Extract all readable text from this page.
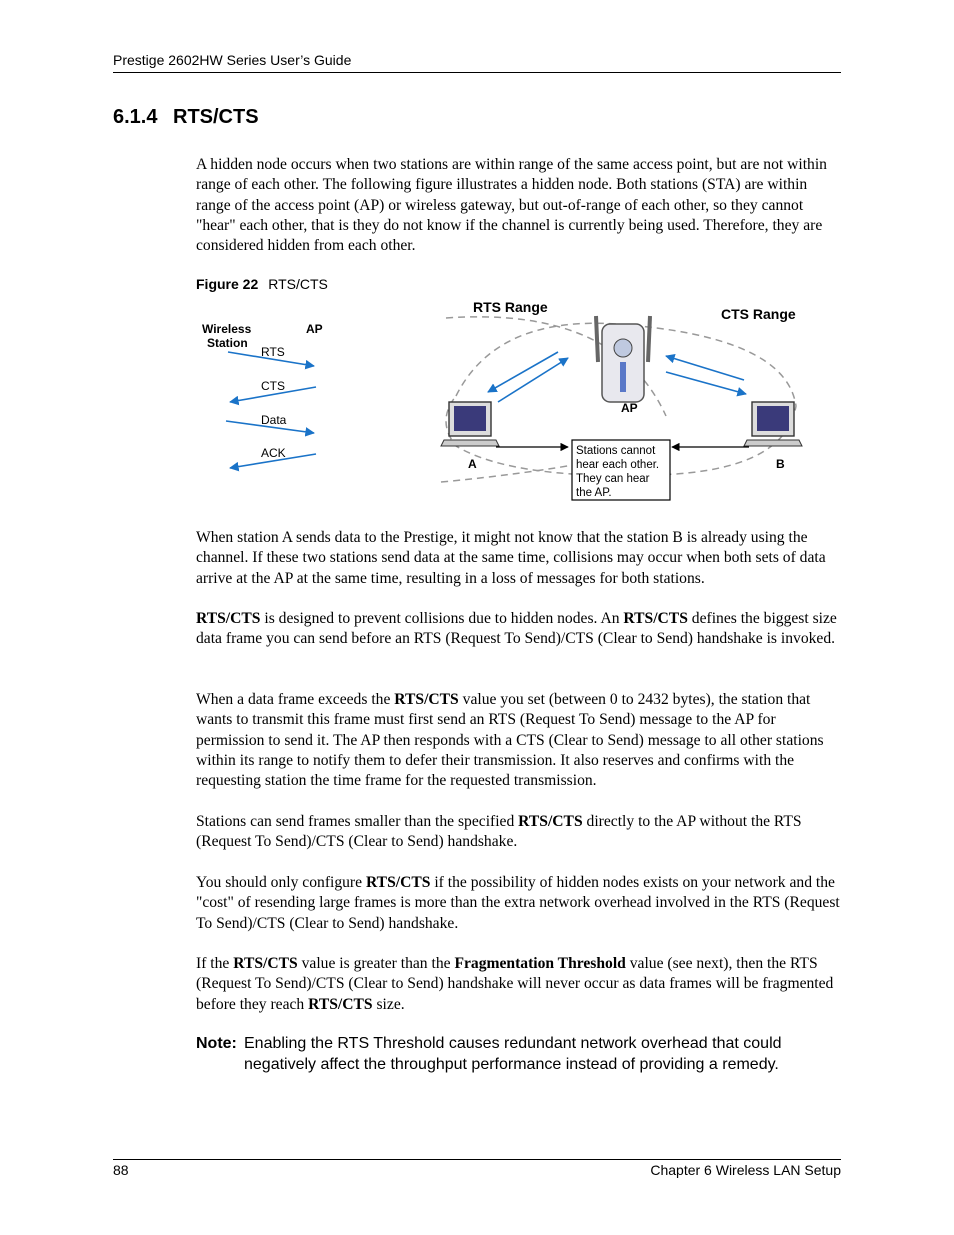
Prestige 2602HW Series User’s Guide
6.1.4 RTS/CTS
A hidden node occurs when two stations are within range of the same access point, but are not within range of each other. The following figure illustrates a hidden node. Both stations (STA) are within range of the access point (AP) or wireless gateway, but out-of-range of each other, so they cannot "hear" each other, that is they do not know if the channel is currently being used. Therefore, they are considered hidden from each other.
Figure 22 RTS/CTS
Wireless
Station
AP
RTS
CTS
Data
ACK
RTS Range	CTS Range
AP
A	B
Stations cannot
hear each other.
They can hear
the AP.
When station A sends data to the Prestige, it might not know that the station B is already using the channel. If these two stations send data at the same time, collisions may occur when both sets of data arrive at the AP at the same time, resulting in a loss of messages for both stations.
RTS/CTS is designed to prevent collisions due to hidden nodes. An RTS/CTS defines the biggest size data frame you can send before an RTS (Request To Send)/CTS (Clear to Send) handshake is invoked.
When a data frame exceeds the RTS/CTS value you set (between 0 to 2432 bytes), the station that wants to transmit this frame must first send an RTS (Request To Send) message to the AP for permission to send it. The AP then responds with a CTS (Clear to Send) message to all other stations within its range to notify them to defer their transmission. It also reserves and confirms with the requesting station the time frame for the requested transmission.
Stations can send frames smaller than the specified RTS/CTS directly to the AP without the RTS (Request To Send)/CTS (Clear to Send) handshake.
You should only configure RTS/CTS if the possibility of hidden nodes exists on your network and the "cost" of resending large frames is more than the extra network overhead involved in the RTS (Request To Send)/CTS (Clear to Send) handshake.
If the RTS/CTS value is greater than the Fragmentation Threshold value (see next), then the RTS (Request To Send)/CTS (Clear to Send) handshake will never occur as data frames will be fragmented before they reach RTS/CTS size.
Note: Enabling the RTS Threshold causes redundant network overhead that could negatively affect the throughput performance instead of providing a remedy.
88	Chapter 6 Wireless LAN Setup
